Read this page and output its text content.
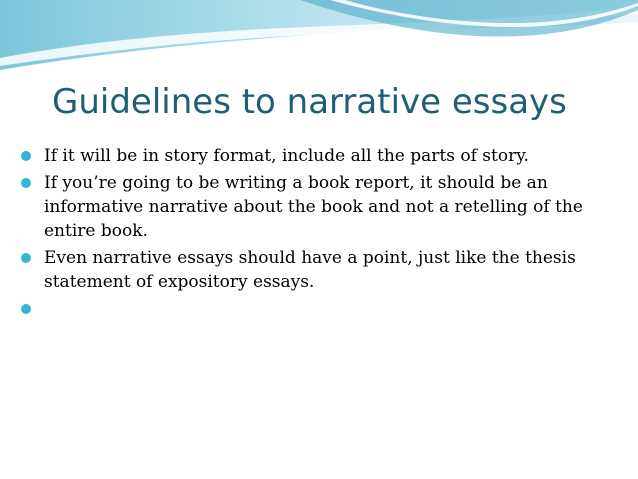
Guidelines to narrative essays
If it will be in story format, include all the parts of story.
If you’re going to be writing a book report, it should be an informative narrative about the book and not a retelling of the entire book.
Even narrative essays should have a point, just like the thesis statement of expository essays.
